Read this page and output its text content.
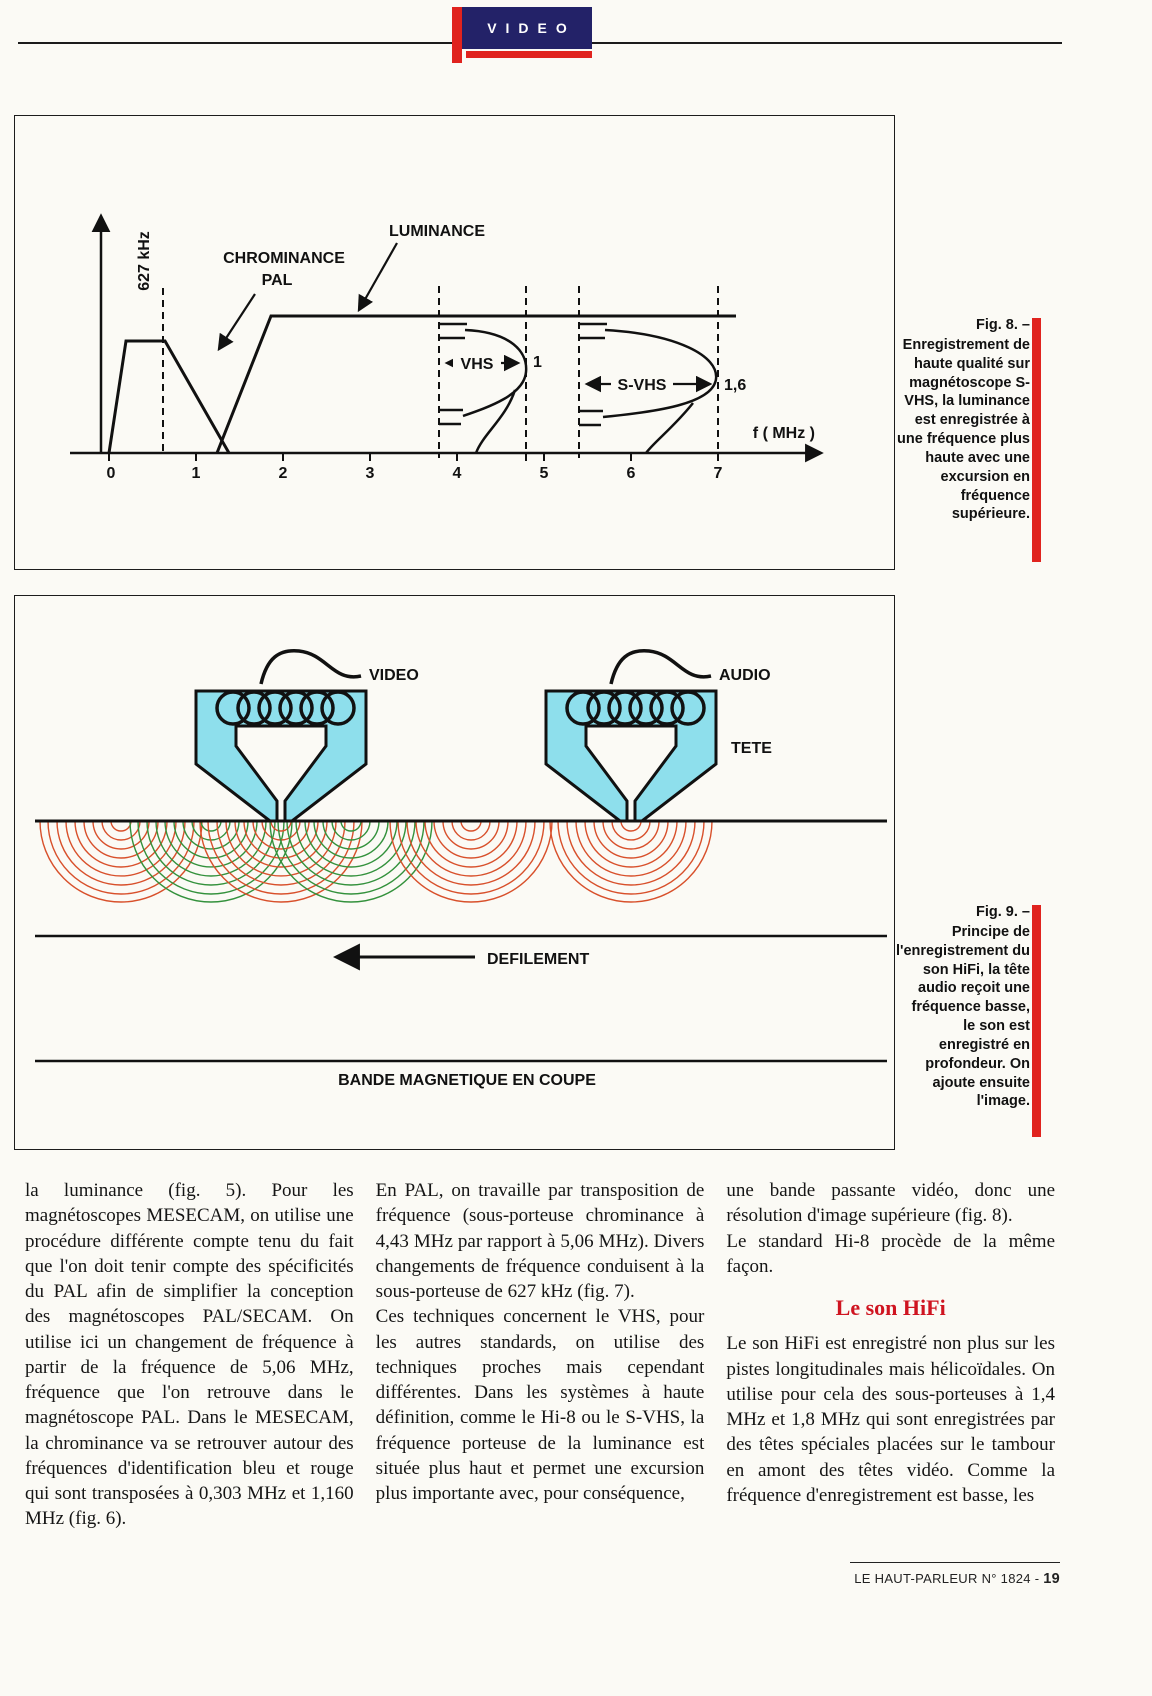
VIDEO
LUMINANCE
CHROMINANCE
PAL
627 kHz
VHS 1
S-VHS	1,6
f ( MHz )
0	1	2	3	4	5	6	7
Fig. 8. –
Enregistrement de haute qualité sur magnétoscope S-VHS, la luminance est enregistrée à une fréquence plus haute avec une excursion en fréquence supérieure.
VIDEO	AUDIO
TETE
DEFILEMENT
BANDE MAGNETIQUE EN COUPE
Fig. 9. –
Principe de l'enregistrement du son HiFi, la tête audio reçoit une fréquence basse, le son est enregistré en profondeur. On ajoute ensuite l'image.

la luminance (fig. 5). Pour les magnétoscopes MESECAM, on utilise une procédure différente compte tenu du fait que l'on doit tenir compte des spécificités du PAL afin de simplifier la conception des magnétoscopes PAL/SECAM. On utilise ici un changement de fréquence à partir de la fréquence de 5,06 MHz, fréquence que l'on retrouve dans le magnétoscope PAL. Dans le MESECAM, la chrominance va se retrouver autour des fréquences d'identification bleu et rouge qui sont transposées à 0,303 MHz et 1,160 MHz (fig. 6).

En PAL, on travaille par transposition de fréquence (sous-porteuse chrominance à 4,43 MHz par rapport à 5,06 MHz). Divers changements de fréquence conduisent à la sous-porteuse de 627 kHz (fig. 7).

Ces techniques concernent le VHS, pour les autres standards, on utilise des techniques proches mais cependant différentes. Dans les systèmes à haute définition, comme le Hi-8 ou le S-VHS, la fréquence porteuse de la luminance est située plus haut et permet une excursion plus importante avec, pour conséquence,

une bande passante vidéo, donc une résolution d'image supérieure (fig. 8).

Le standard Hi-8 procède de la même façon.

Le son HiFi

Le son HiFi est enregistré non plus sur les pistes longitudinales mais hélicoïdales. On utilise pour cela des sous-porteuses à 1,4 MHz et 1,8 MHz qui sont enregistrées par des têtes spéciales placées sur le tambour en amont des têtes vidéo. Comme la fréquence d'enregistrement est basse, les

LE HAUT-PARLEUR N° 1824 - 19
